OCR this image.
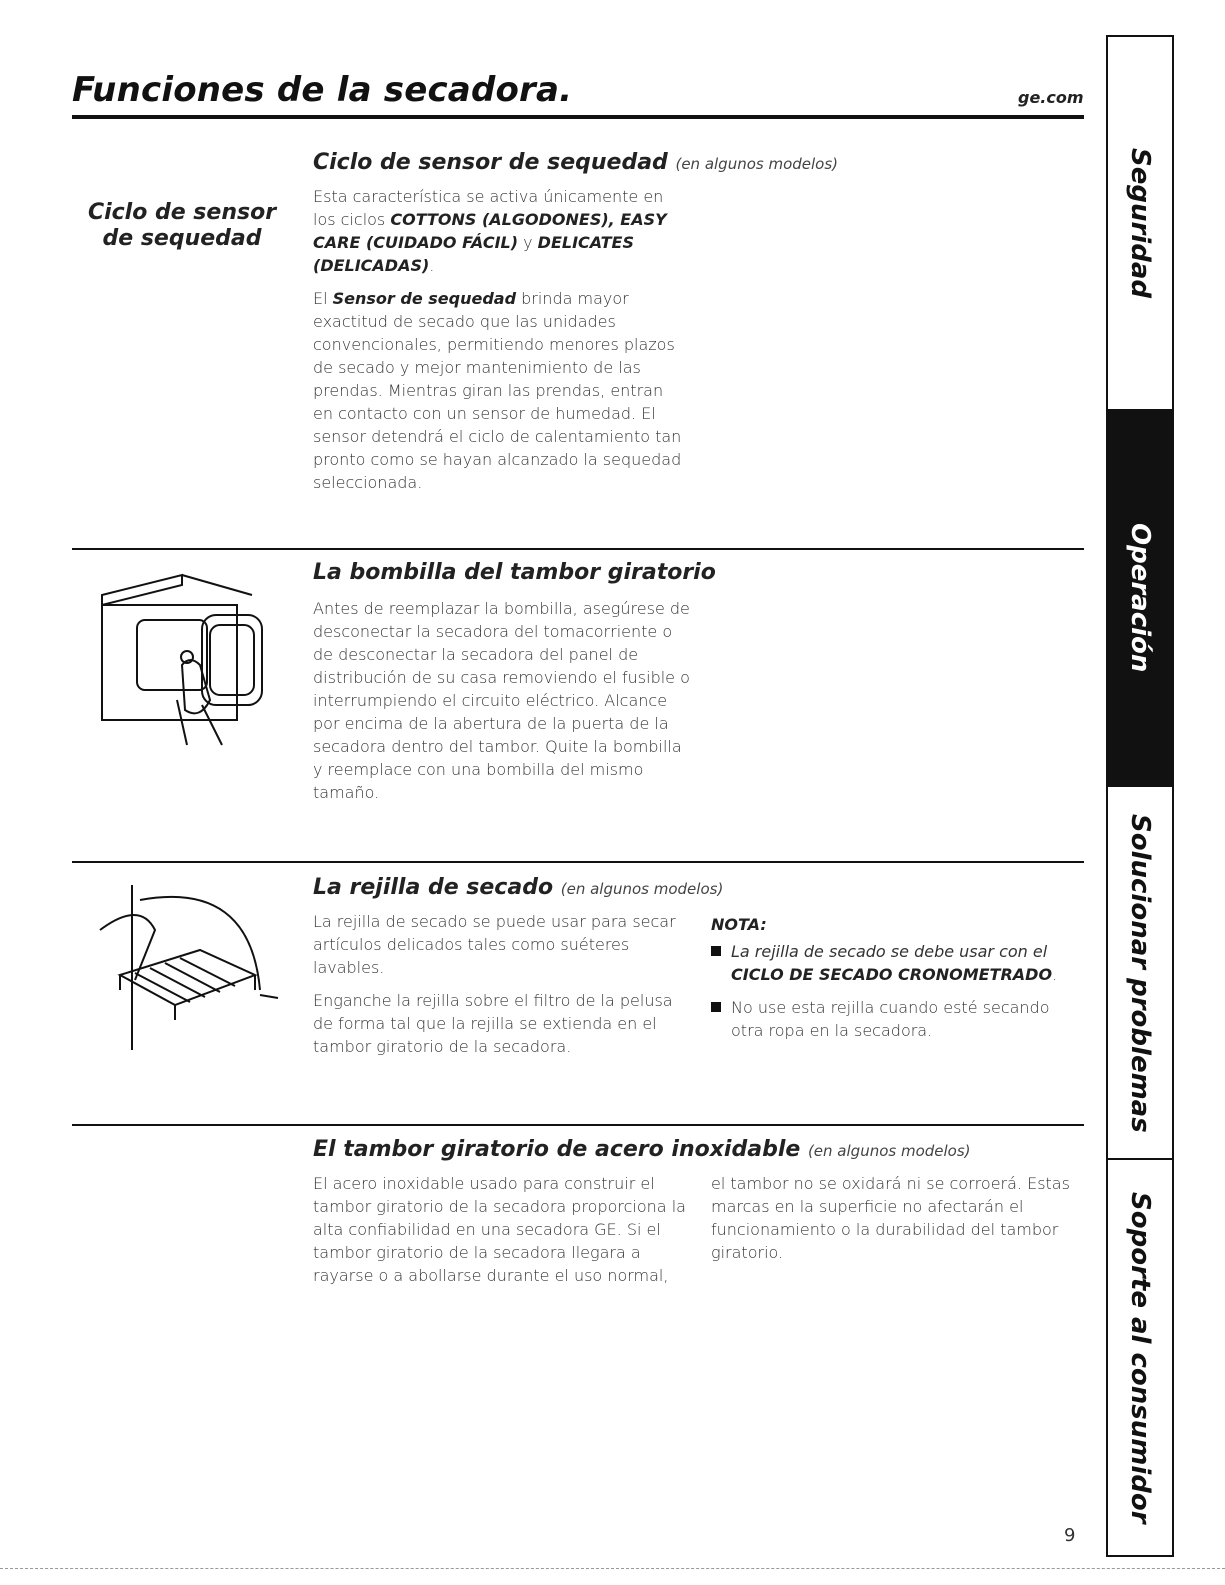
Funciones de la secadora.	ge.com
Ciclo de sensor
de sequedad
Ciclo de sensor de sequedad (en algunos modelos)

Esta característica se activa únicamente en los ciclos COTTONS (ALGODONES), EASY CARE (CUIDADO FÁCIL) y DELICATES (DELICADAS).

El Sensor de sequedad brinda mayor exactitud de secado que las unidades convencionales, permitiendo menores plazos de secado y mejor mantenimiento de las prendas. Mientras giran las prendas, entran en contacto con un sensor de humedad. El sensor detendrá el ciclo de calentamiento tan pronto como se hayan alcanzado la sequedad seleccionada.

La bombilla del tambor giratorio
Antes de reemplazar la bombilla, asegúrese de desconectar la secadora del tomacorriente o de desconectar la secadora del panel de distribución de su casa removiendo el fusible o interrumpiendo el circuito eléctrico. Alcance por encima de la abertura de la puerta de la secadora dentro del tambor. Quite la bombilla y reemplace con una bombilla del mismo tamaño.
La rejilla de secado (en algunos modelos)

La rejilla de secado se puede usar para secar artículos delicados tales como suéteres lavables.

Enganche la rejilla sobre el filtro de la pelusa de forma tal que la rejilla se extienda en el tambor giratorio de la secadora.

NOTA:
La rejilla de secado se debe usar con el CICLO DE SECADO CRONOMETRADO.
No use esta rejilla cuando esté secando otra ropa en la secadora.
El tambor giratorio de acero inoxidable (en algunos modelos)
El acero inoxidable usado para construir el tambor giratorio de la secadora proporciona la alta confiabilidad en una secadora GE. Si el tambor giratorio de la secadora llegara a rayarse o a abollarse durante el uso normal,
el tambor no se oxidará ni se corroerá. Estas marcas en la superficie no afectarán el funcionamiento o la durabilidad del tambor giratorio.
Seguridad
Operación
Solucionar problemas
Soporte al consumidor
9
